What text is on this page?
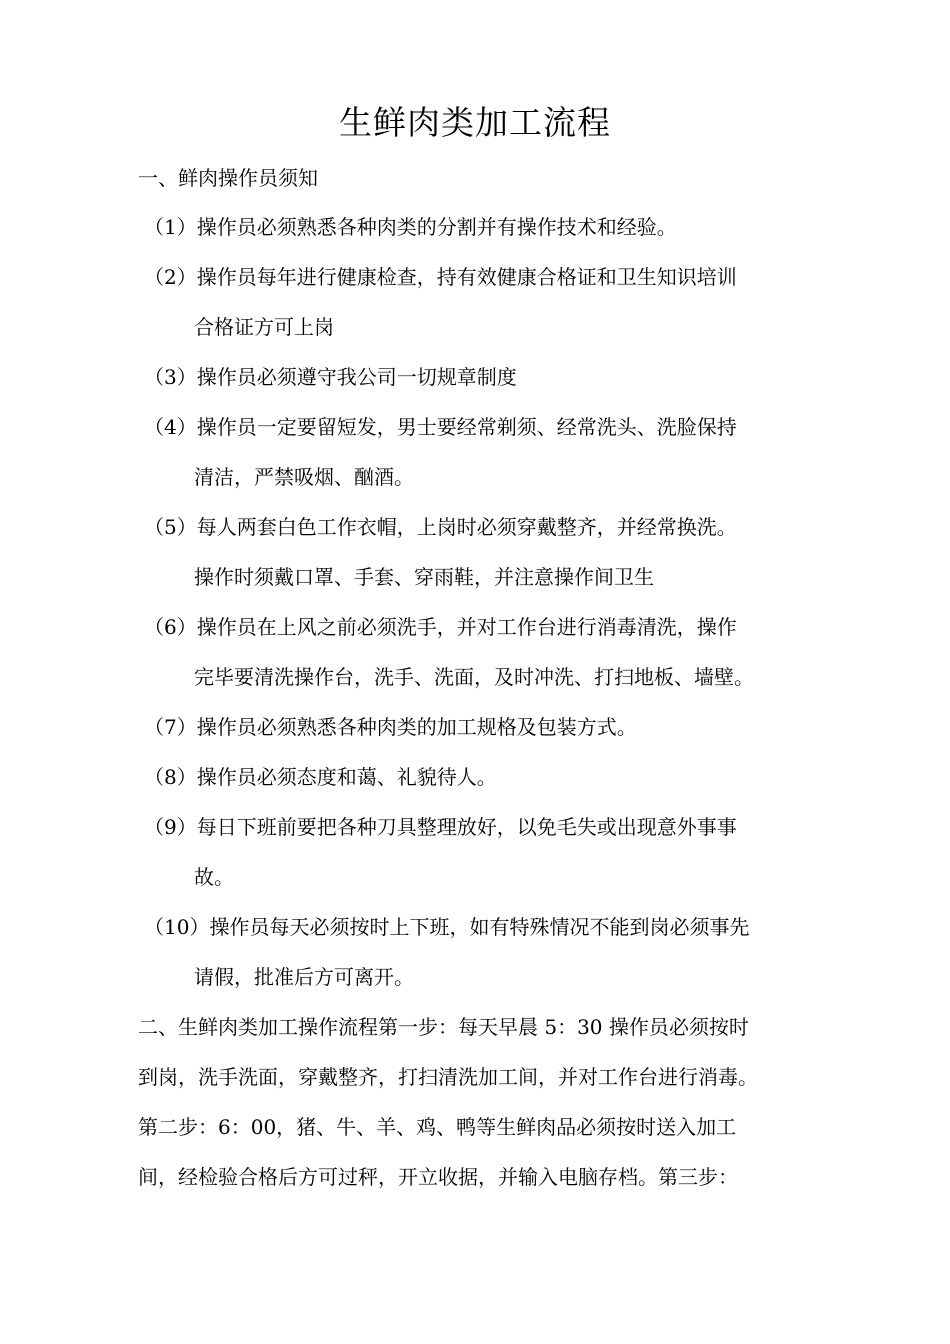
生鲜肉类加工流程
一、鲜肉操作员须知
（1）操作员必须熟悉各种肉类的分割并有操作技术和经验。
（2）操作员每年进行健康检查，持有效健康合格证和卫生知识培训
合格证方可上岗
（3）操作员必须遵守我公司一切规章制度
（4）操作员一定要留短发，男士要经常剃须、经常洗头、洗脸保持
清洁，严禁吸烟、酗酒。
（5）每人两套白色工作衣帽，上岗时必须穿戴整齐，并经常换洗。
操作时须戴口罩、手套、穿雨鞋，并注意操作间卫生
（6）操作员在上风之前必须洗手，并对工作台进行消毒清洗，操作
完毕要清洗操作台，洗手、洗面，及时冲洗、打扫地板、墙壁。
（7）操作员必须熟悉各种肉类的加工规格及包装方式。
（8）操作员必须态度和蔼、礼貌待人。
（9）每日下班前要把各种刀具整理放好，以免毛失或出现意外事事
故。
（10）操作员每天必须按时上下班，如有特殊情况不能到岗必须事先
请假，批准后方可离开。
二、生鲜肉类加工操作流程第一步：每天早晨 5：30 操作员必须按时
到岗，洗手洗面，穿戴整齐，打扫清洗加工间，并对工作台进行消毒。
第二步：6：00，猪、牛、羊、鸡、鸭等生鲜肉品必须按时送入加工
间，经检验合格后方可过秤，开立收据，并输入电脑存档。第三步：
